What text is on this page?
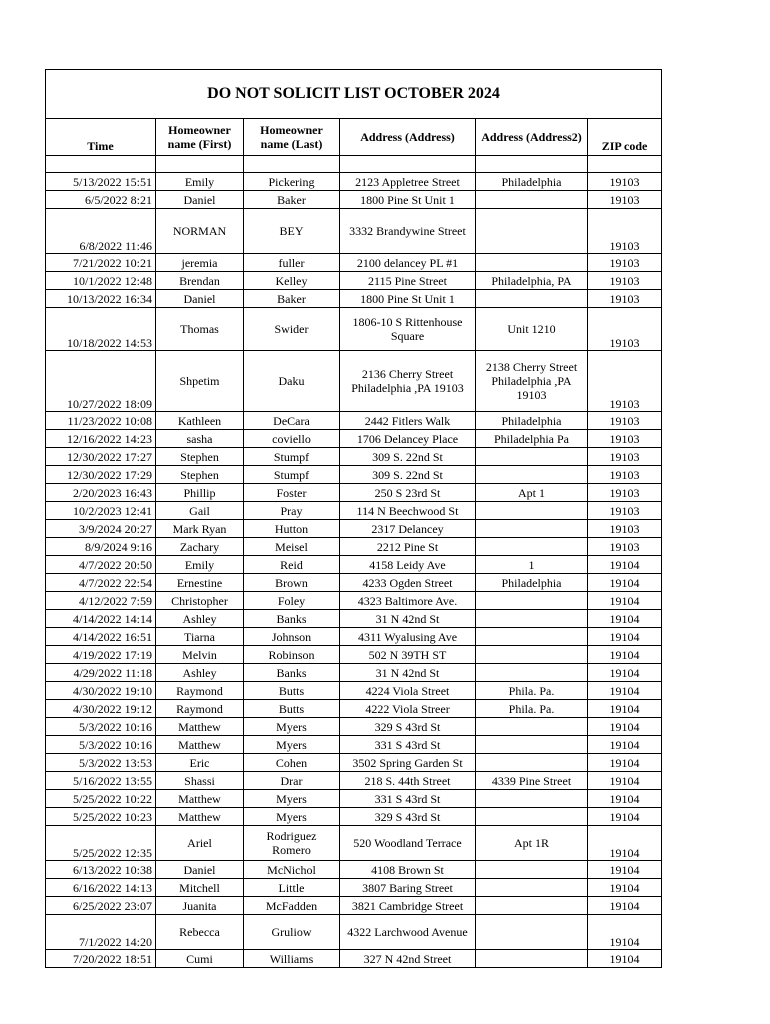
DO NOT SOLICIT LIST OCTOBER 2024					
Time	Homeowner name (First)	Homeowner name (Last)	Address (Address)	Address (Address2)	ZIP code

5/13/2022 15:51	Emily	Pickering	2123 Appletree Street	Philadelphia	19103
6/5/2022 8:21	Daniel	Baker	1800 Pine St Unit 1		19103
6/8/2022 11:46	NORMAN	BEY	3332 Brandywine Street		19103
7/21/2022 10:21	jeremia	fuller	2100 delancey PL #1		19103
10/1/2022 12:48	Brendan	Kelley	2115 Pine Street	Philadelphia, PA	19103
10/13/2022 16:34	Daniel	Baker	1800 Pine St Unit 1		19103
10/18/2022 14:53	Thomas	Swider	1806-10 S Rittenhouse Square	Unit 1210	19103
10/27/2022 18:09	Shpetim	Daku	2136 Cherry Street Philadelphia ,PA 19103	2138 Cherry Street Philadelphia ,PA 19103	19103
11/23/2022 10:08	Kathleen	DeCara	2442 Fitlers Walk	Philadelphia	19103
12/16/2022 14:23	sasha	coviello	1706 Delancey Place	Philadelphia Pa	19103
12/30/2022 17:27	Stephen	Stumpf	309 S. 22nd St		19103
12/30/2022 17:29	Stephen	Stumpf	309 S. 22nd St		19103
2/20/2023 16:43	Phillip	Foster	250 S 23rd St	Apt 1	19103
10/2/2023 12:41	Gail	Pray	114 N Beechwood St		19103
3/9/2024 20:27	Mark Ryan	Hutton	2317 Delancey		19103
8/9/2024 9:16	Zachary	Meisel	2212 Pine St		19103
4/7/2022 20:50	Emily	Reid	4158 Leidy Ave	1	19104
4/7/2022 22:54	Ernestine	Brown	4233 Ogden Street	Philadelphia	19104
4/12/2022 7:59	Christopher	Foley	4323 Baltimore Ave.		19104
4/14/2022 14:14	Ashley	Banks	31 N 42nd St		19104
4/14/2022 16:51	Tiarna	Johnson	4311 Wyalusing Ave		19104
4/19/2022 17:19	Melvin	Robinson	502 N 39TH ST		19104
4/29/2022 11:18	Ashley	Banks	31 N 42nd St		19104
4/30/2022 19:10	Raymond	Butts	4224 Viola Street	Phila. Pa.	19104
4/30/2022 19:12	Raymond	Butts	4222 Viola Streer	Phila. Pa.	19104
5/3/2022 10:16	Matthew	Myers	329 S 43rd St		19104
5/3/2022 10:16	Matthew	Myers	331 S 43rd St		19104
5/3/2022 13:53	Eric	Cohen	3502 Spring Garden St		19104
5/16/2022 13:55	Shassi	Drar	218 S. 44th Street	4339 Pine Street	19104
5/25/2022 10:22	Matthew	Myers	331 S 43rd St		19104
5/25/2022 10:23	Matthew	Myers	329 S 43rd St		19104
5/25/2022 12:35	Ariel	Rodriguez Romero	520 Woodland Terrace	Apt 1R	19104
6/13/2022 10:38	Daniel	McNichol	4108 Brown St		19104
6/16/2022 14:13	Mitchell	Little	3807 Baring Street		19104
6/25/2022 23:07	Juanita	McFadden	3821 Cambridge Street		19104
7/1/2022 14:20	Rebecca	Gruliow	4322 Larchwood Avenue		19104
7/20/2022 18:51	Cumi	Williams	327 N 42nd Street		19104
